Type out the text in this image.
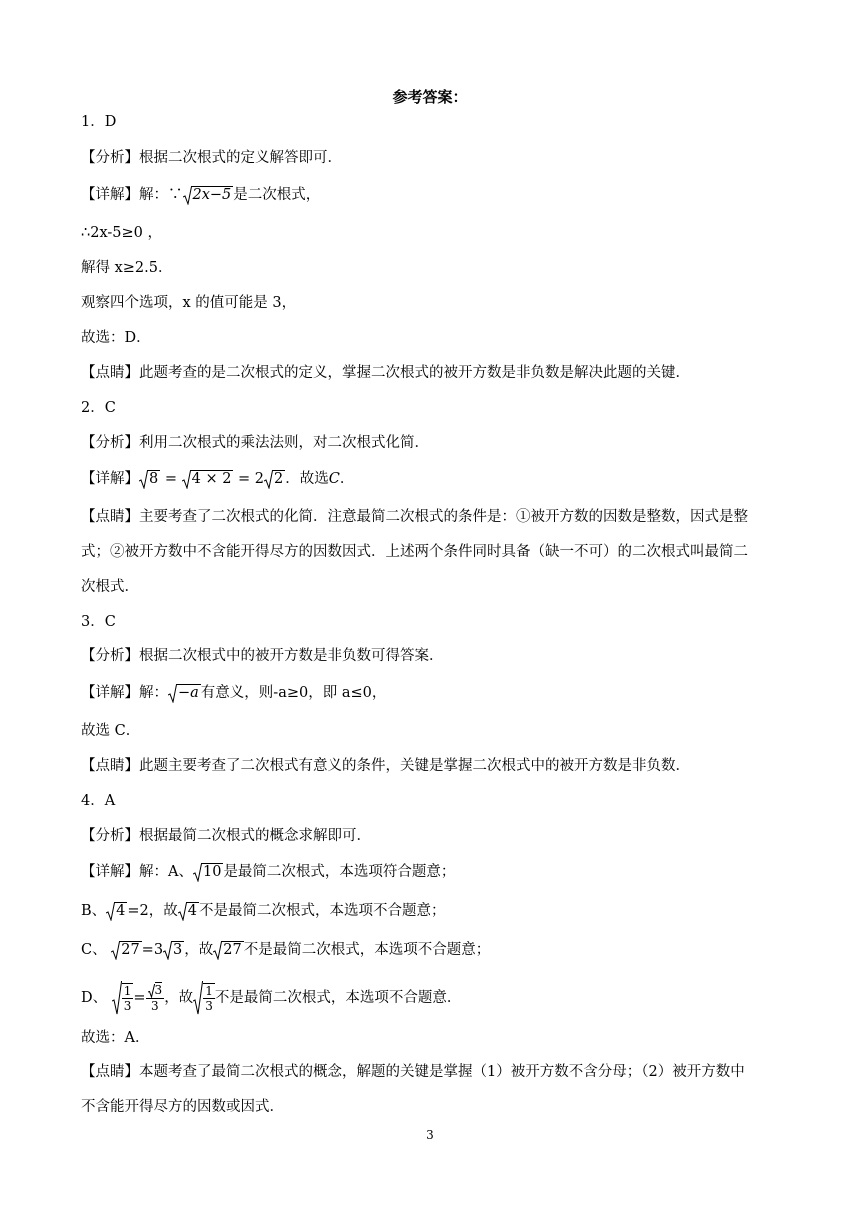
参考答案：
1．D
【分析】根据二次根式的定义解答即可．
【详解】解：∵ 2x−5 是二次根式，
∴2x-5≥0 ，
解得 x≥2.5．
观察四个选项，x 的值可能是 3，
故选：D．
【点睛】此题考查的是二次根式的定义，掌握二次根式的被开方数是非负数是解决此题的关键．
2．C
【分析】利用二次根式的乘法法则，对二次根式化简．
【详解】 8 = 4 × 2 = 2 2 ．故选C．
【点睛】主要考查了二次根式的化简．注意最简二次根式的条件是：①被开方数的因数是整数，因式是整
式；②被开方数中不含能开得尽方的因数因式．上述两个条件同时具备（缺一不可）的二次根式叫最简二
次根式．
3．C
【分析】根据二次根式中的被开方数是非负数可得答案．
【详解】解： −a 有意义，则-a≥0，即 a≤0，
故选 C．
【点睛】此题主要考查了二次根式有意义的条件，关键是掌握二次根式中的被开方数是非负数．
4．A
【分析】根据最简二次根式的概念求解即可．
【详解】解：A、 10 是最简二次根式，本选项符合题意；
B、 4 =2，故 4 不是最简二次根式，本选项不合题意；
C、 27 =3 3 ，故 27 不是最简二次根式，本选项不合题意；
D、 $\frac{1}{3} = \frac{3}{3}$ ，故 $\frac{1}{3}$ 不是最简二次根式，本选项不合题意．
故选：A．
【点睛】本题考查了最简二次根式的概念，解题的关键是掌握（1）被开方数不含分母；（2）被开方数中
不含能开得尽方的因数或因式．
3
